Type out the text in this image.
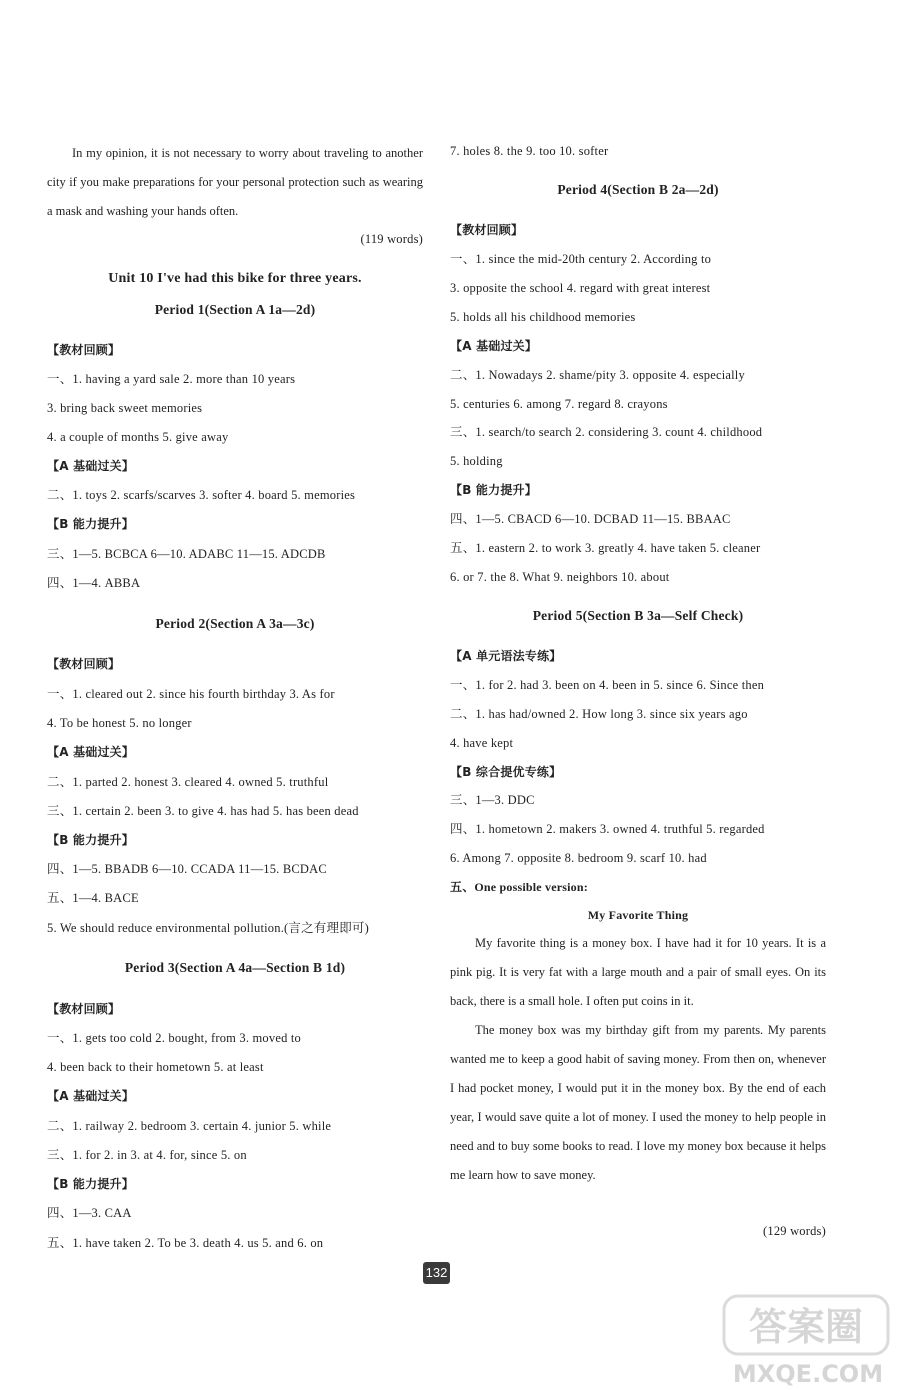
In my opinion, it is not necessary to worry about traveling to another city if you make preparations for your personal protection such as wearing a mask and washing your hands often.
(119 words)
Unit 10 I've had this bike for three years.
Period 1(Section A 1a—2d)
【教材回顾】
一、1. having a yard sale 2. more than 10 years
3. bring back sweet memories
4. a couple of months 5. give away
【A 基础过关】
二、1. toys 2. scarfs/scarves 3. softer 4. board 5. memories
【B 能力提升】
三、1—5. BCBCA 6—10. ADABC 11—15. ADCDB
四、1—4. ABBA
Period 2(Section A 3a—3c)
【教材回顾】
一、1. cleared out 2. since his fourth birthday 3. As for
4. To be honest 5. no longer
【A 基础过关】
二、1. parted 2. honest 3. cleared 4. owned 5. truthful
三、1. certain 2. been 3. to give 4. has had 5. has been dead
【B 能力提升】
四、1—5. BBADB 6—10. CCADA 11—15. BCDAC
五、1—4. BACE
5. We should reduce environmental pollution.(言之有理即可)
Period 3(Section A 4a—Section B 1d)
【教材回顾】
一、1. gets too cold 2. bought, from 3. moved to
4. been back to their hometown 5. at least
【A 基础过关】
二、1. railway 2. bedroom 3. certain 4. junior 5. while
三、1. for 2. in 3. at 4. for, since 5. on
【B 能力提升】
四、1—3. CAA
五、1. have taken 2. To be 3. death 4. us 5. and 6. on
7. holes 8. the 9. too 10. softer
Period 4(Section B 2a—2d)
【教材回顾】
一、1. since the mid-20th century 2. According to
3. opposite the school 4. regard with great interest
5. holds all his childhood memories
【A 基础过关】
二、1. Nowadays 2. shame/pity 3. opposite 4. especially
5. centuries 6. among 7. regard 8. crayons
三、1. search/to search 2. considering 3. count 4. childhood
5. holding
【B 能力提升】
四、1—5. CBACD 6—10. DCBAD 11—15. BBAAC
五、1. eastern 2. to work 3. greatly 4. have taken 5. cleaner
6. or 7. the 8. What 9. neighbors 10. about
Period 5(Section B 3a—Self Check)
【A 单元语法专练】
一、1. for 2. had 3. been on 4. been in 5. since 6. Since then
二、1. has had/owned 2. How long 3. since six years ago
4. have kept
【B 综合提优专练】
三、1—3. DDC
四、1. hometown 2. makers 3. owned 4. truthful 5. regarded
6. Among 7. opposite 8. bedroom 9. scarf 10. had
五、One possible version:
My Favorite Thing
My favorite thing is a money box. I have had it for 10 years. It is a pink pig. It is very fat with a large mouth and a pair of small eyes. On its back, there is a small hole. I often put coins in it.
The money box was my birthday gift from my parents. My parents wanted me to keep a good habit of saving money. From then on, whenever I had pocket money, I would put it in the money box. By the end of each year, I would save quite a lot of money. I used the money to help people in need and to buy some books to read. I love my money box because it helps me learn how to save money.
(129 words)
132
答案圈
MXQE.COM
